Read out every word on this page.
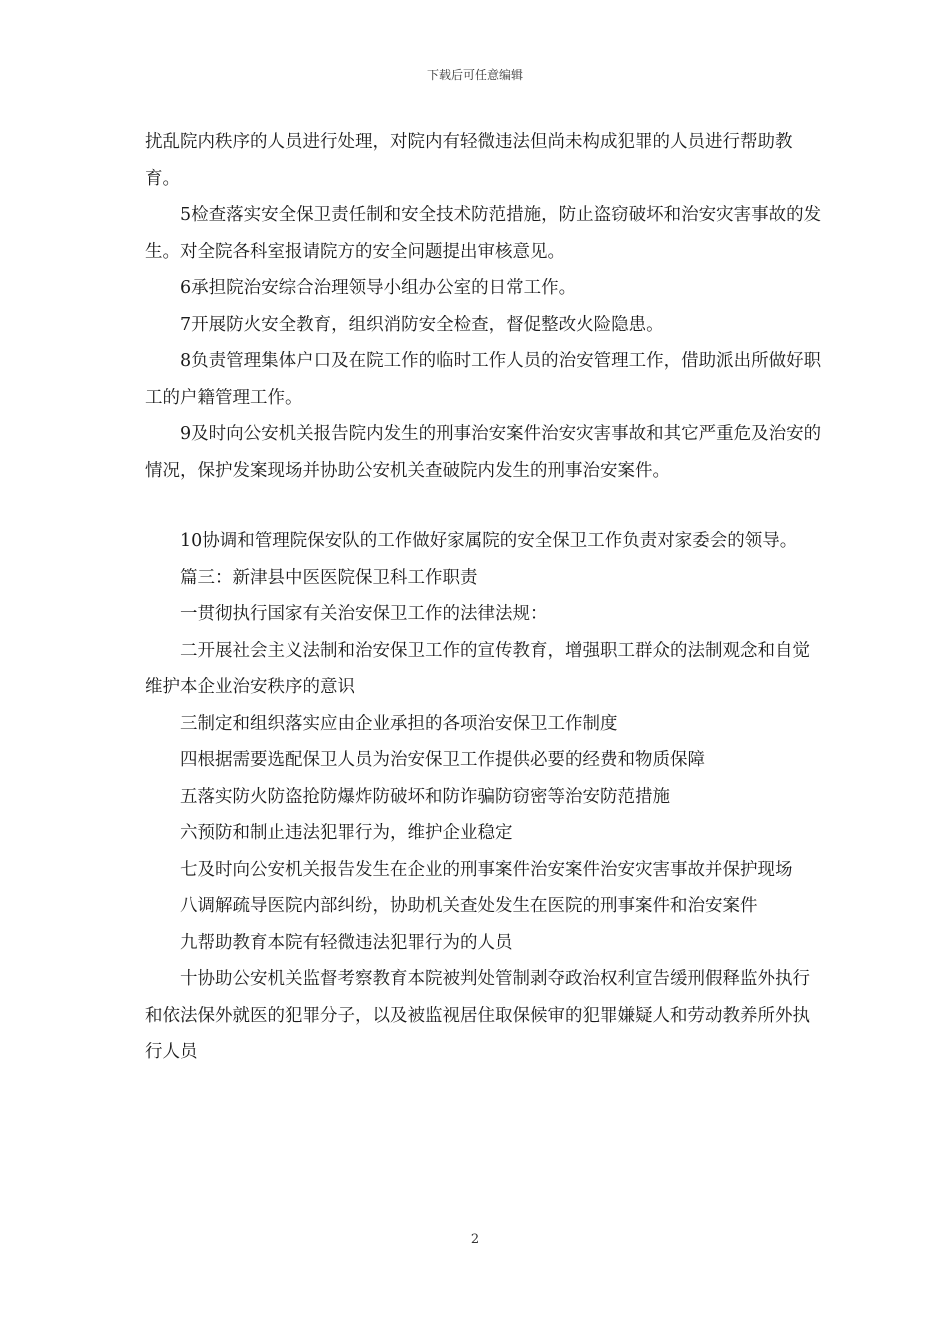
下载后可任意编辑

扰乱院内秩序的人员进行处理，对院内有轻微违法但尚未构成犯罪的人员进行帮助教育。

5检查落实安全保卫责任制和安全技术防范措施，防止盗窃破坏和治安灾害事故的发生。对全院各科室报请院方的安全问题提出审核意见。

6承担院治安综合治理领导小组办公室的日常工作。

7开展防火安全教育，组织消防安全检查，督促整改火险隐患。

8负责管理集体户口及在院工作的临时工作人员的治安管理工作，借助派出所做好职工的户籍管理工作。

9及时向公安机关报告院内发生的刑事治安案件治安灾害事故和其它严重危及治安的情况，保护发案现场并协助公安机关查破院内发生的刑事治安案件。

10协调和管理院保安队的工作做好家属院的安全保卫工作负责对家委会的领导。

篇三：新津县中医医院保卫科工作职责

一贯彻执行国家有关治安保卫工作的法律法规：

二开展社会主义法制和治安保卫工作的宣传教育，增强职工群众的法制观念和自觉维护本企业治安秩序的意识

三制定和组织落实应由企业承担的各项治安保卫工作制度

四根据需要选配保卫人员为治安保卫工作提供必要的经费和物质保障

五落实防火防盗抢防爆炸防破坏和防诈骗防窃密等治安防范措施

六预防和制止违法犯罪行为，维护企业稳定

七及时向公安机关报告发生在企业的刑事案件治安案件治安灾害事故并保护现场

八调解疏导医院内部纠纷，协助机关查处发生在医院的刑事案件和治安案件

九帮助教育本院有轻微违法犯罪行为的人员

十协助公安机关监督考察教育本院被判处管制剥夺政治权利宣告缓刑假释监外执行和依法保外就医的犯罪分子，以及被监视居住取保候审的犯罪嫌疑人和劳动教养所外执行人员

2
